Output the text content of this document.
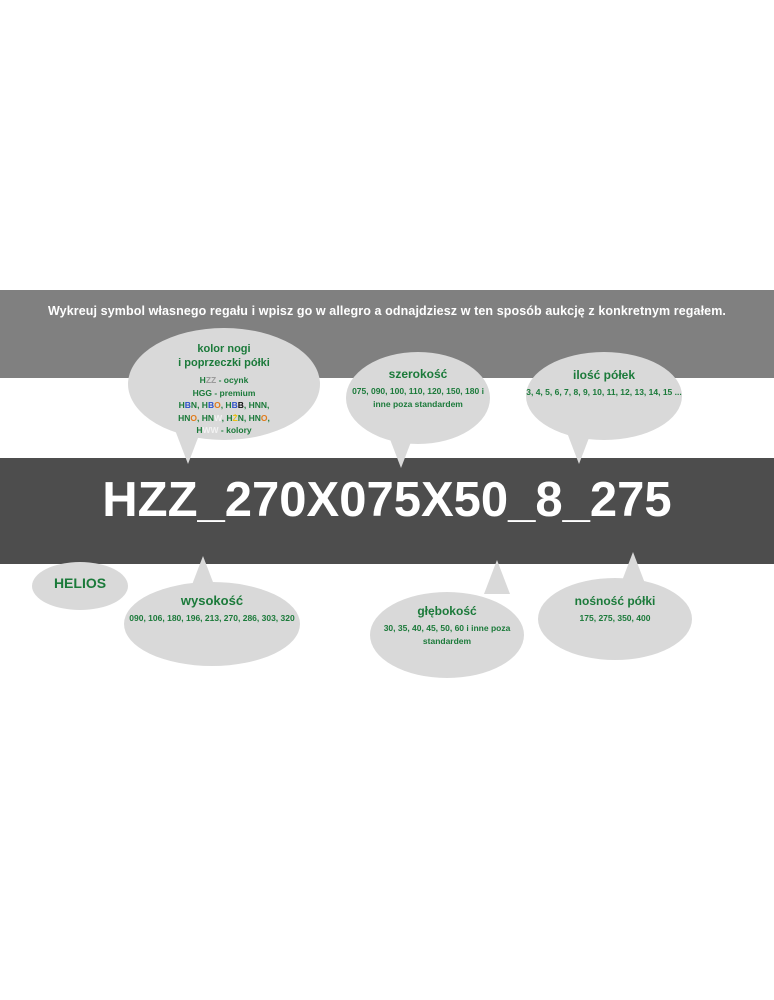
Wykreuj symbol własnego regału i wpisz go w allegro a odnajdziesz w ten sposób aukcję z konkretnym regałem.
HZZ_270X075X50_8_275
kolor nogi
i poprzeczki półki
HZZ - ocynk
HGG - premium
HBN, HBO, HBB, HNN,
HNO, HNW, HŻN, HNO,
HWW - kolory
szerokość
075, 090, 100, 110, 120, 150, 180 i inne poza standardem
ilość półek
3, 4, 5, 6, 7, 8, 9, 10, 11, 12, 13, 14, 15 ...
HELIOS
wysokość
090, 106, 180, 196, 213, 270, 286, 303, 320	głębokość
30, 35, 40, 45, 50, 60 i inne poza standardem
nośność półki
175, 275, 350, 400
